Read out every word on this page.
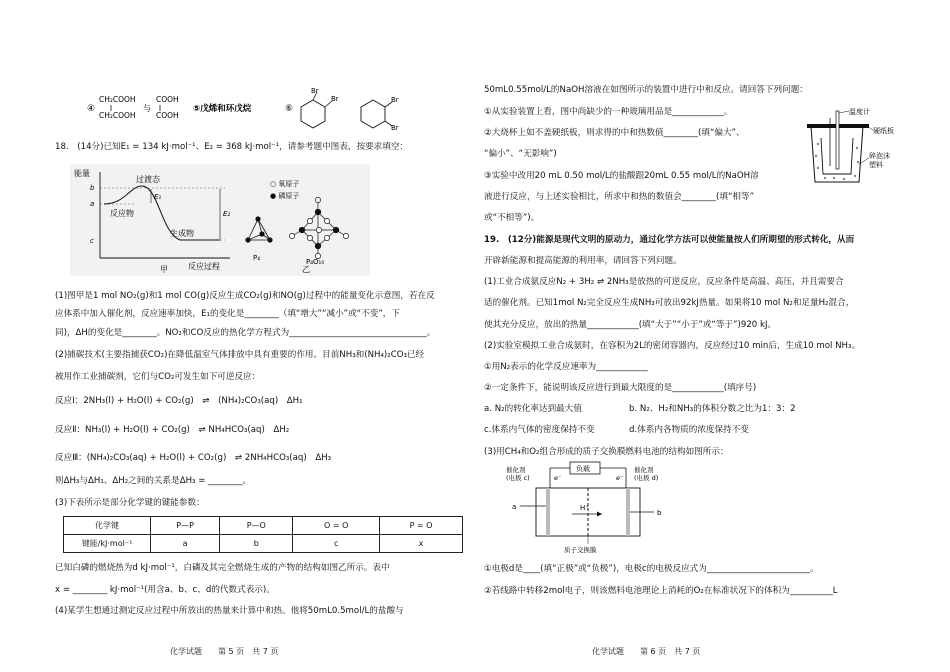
④
CH₂COOH
CH₂COOH
与
COOH
COOH
⑤戊烯和环戊烷	⑥
Br
Br	Br
Br
18.　(14分)已知E₁ = 134 kJ·mol⁻¹、E₂ = 368 kJ·mol⁻¹，请参考题中图表，按要求填空：
能量
b
a
c
过渡态
E₁
E₂
反应物
生成物
反应过程
甲
○ 氧原子
● 磷原子
P₄	P₄O₁₀
乙
(1)图甲是1 mol NO₂(g)和1 mol CO(g)反应生成CO₂(g)和NO(g)过程中的能量变化示意图，若在反
应体系中加入催化剂，反应速率加快，E₁的变化是________（填“增大”“减小”或“不变”，下
同)，ΔH的变化是________。NO₂和CO反应的热化学方程式为________________________________。
(2)捕碳技术(主要指捕获CO₂)在降低温室气体排放中具有重要的作用。目前NH₃和(NH₄)₂CO₃已经
被用作工业捕碳剂，它们与CO₂可发生如下可逆反应：
反应Ⅰ：2NH₃(l) + H₂O(l) + CO₂(g)　⇌　(NH₄)₂CO₃(aq)　ΔH₁
反应Ⅱ：NH₃(l) + H₂O(l) + CO₂(g)　⇌ NH₄HCO₃(aq)　ΔH₂
反应Ⅲ：(NH₄)₂CO₃(aq) + H₂O(l) + CO₂(g)　⇌ 2NH₄HCO₃(aq)　ΔH₃
则ΔH₃与ΔH₁、ΔH₂之间的关系是ΔH₃ = ________。
(3)下表所示是部分化学键的键能参数：
化学键	P—P	P—O	O = O	P = O
键能/kJ·mol⁻¹	a	b	c	x
已知白磷的燃烧热为d kJ·mol⁻¹，白磷及其完全燃烧生成的产物的结构如图乙所示。表中
x = ________ kJ·mol⁻¹(用含a、b、c、d的代数式表示)。
(4)某学生想通过测定反应过程中所放出的热量来计算中和热。他将50mL0.5mol/L的盐酸与
化学试题　　第 5 页　共 7 页
50mL0.55mol/L的NaOH溶液在如图所示的装置中进行中和反应。请回答下列问题：
①从实验装置上看，图中尚缺少的一种玻璃用品是____________。
②大烧杯上如不盖硬纸板，则求得的中和热数值________(填“偏大”、
“偏小”、“无影响”)
③实验中改用20 mL 0.50 mol/L的盐酸跟20mL 0.55 mol/L的NaOH溶
液进行反应，与上述实验相比，所求中和热的数值会________(填“相等”
或“不相等”)。
温度计
硬纸板
碎泡沫
塑料
19.　(12分)能源是现代文明的原动力，通过化学方法可以使能量按人们所期望的形式转化，从而
开辟新能源和提高能源的利用率，请回答下列问题。
(1)工业合成氨反应N₂ + 3H₂ ⇌ 2NH₃是放热的可逆反应，反应条件是高温、高压，并且需要合
适的催化剂。已知1mol N₂完全反应生成NH₃可放出92kJ热量。如果将10 mol N₂和足量H₂混合，
使其充分反应，放出的热量____________(填“大于”“小于”或“等于”)920 kJ。
(2)实验室模拟工业合成氨时，在容积为2L的密闭容器内，反应经过10 min后，生成10 mol NH₃。
①用N₂表示的化学反应速率为____________
②一定条件下，能说明该反应进行到最大限度的是____________(填序号)
a. N₂的转化率达到最大值	b. N₂、H₂和NH₃的体积分数之比为1：3：2
c.体系内气体的密度保持不变	d.体系内各物质的浓度保持不变
(3)用CH₄和O₂组合形成的质子交换膜燃料电池的结构如图所示：
负载
催化剂
(电极 c)
催化剂
(电极 d)
e⁻	e⁻
a
b
H⁺
质子交换膜
①电极d是____(填“正极”或“负极”)，电极c的电极反应式为________________________。
②若线路中转移2mol电子，则该燃料电池理论上消耗的O₂在标准状况下的体积为__________L
化学试题　　第 6 页　共 7 页
